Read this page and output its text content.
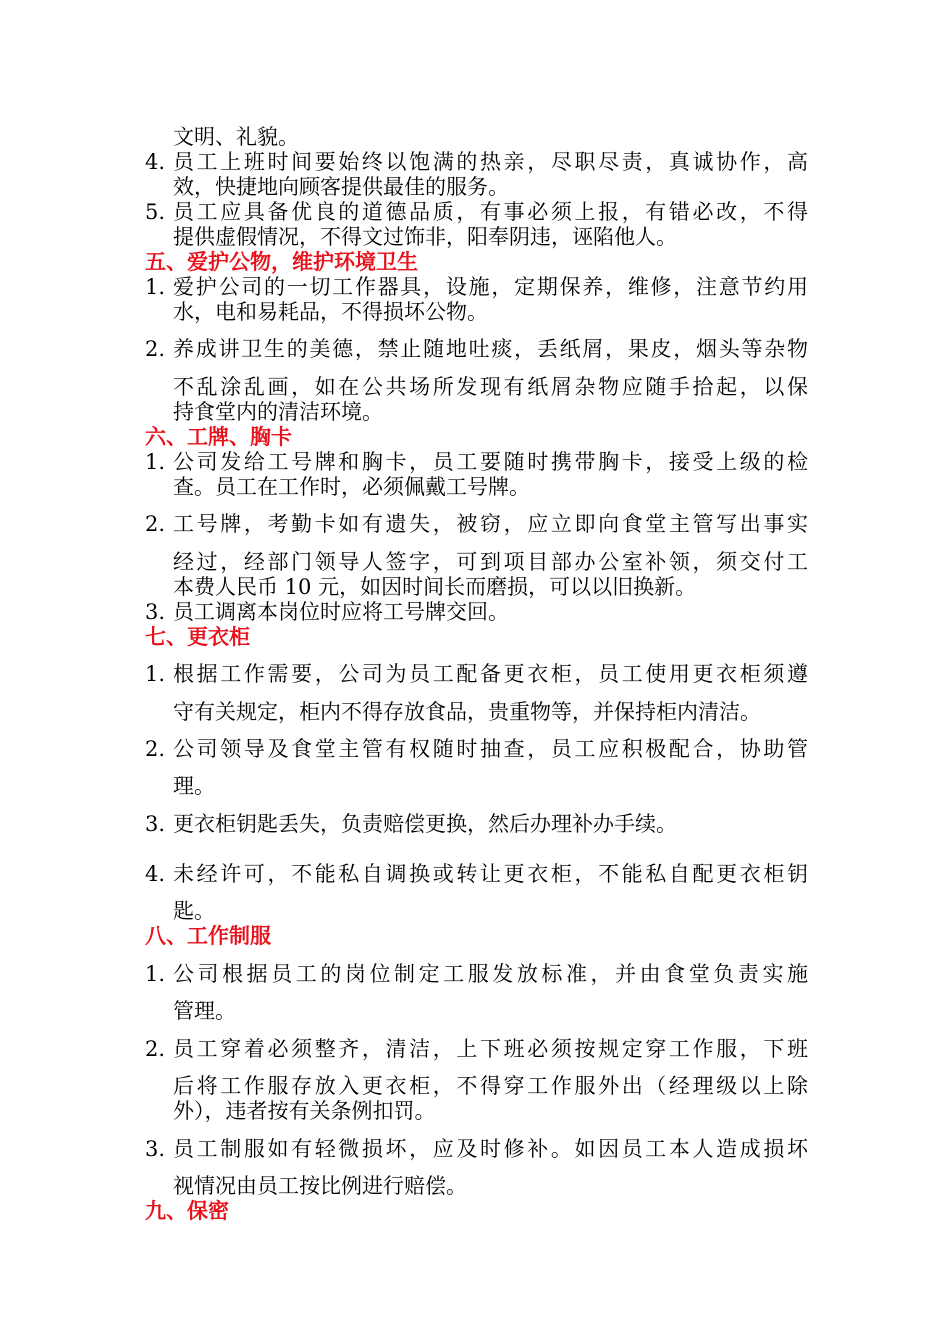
文明、礼貌。
4. 员工上班时间要始终以饱满的热亲，尽职尽责，真诚协作，高
效，快捷地向顾客提供最佳的服务。
5. 员工应具备优良的道德品质，有事必须上报，有错必改，不得
提供虚假情况，不得文过饰非，阳奉阴违，诬陷他人。
五、爱护公物，维护环境卫生
1. 爱护公司的一切工作器具，设施，定期保养，维修，注意节约用
水，电和易耗品，不得损坏公物。
2. 养成讲卫生的美德，禁止随地吐痰，丢纸屑，果皮，烟头等杂物
不乱涂乱画，如在公共场所发现有纸屑杂物应随手拾起，以保
持食堂内的清洁环境。
六、工牌、胸卡
1. 公司发给工号牌和胸卡，员工要随时携带胸卡，接受上级的检
查。员工在工作时，必须佩戴工号牌。
2. 工号牌，考勤卡如有遗失，被窃，应立即向食堂主管写出事实
经过，经部门领导人签字，可到项目部办公室补领，须交付工
本费人民币 10 元，如因时间长而磨损，可以以旧换新。
3. 员工调离本岗位时应将工号牌交回。
七、更衣柜
1. 根据工作需要，公司为员工配备更衣柜，员工使用更衣柜须遵
守有关规定，柜内不得存放食品，贵重物等，并保持柜内清洁。
2. 公司领导及食堂主管有权随时抽查，员工应积极配合，协助管
理。
3. 更衣柜钥匙丢失，负责赔偿更换，然后办理补办手续。
4. 未经许可，不能私自调换或转让更衣柜，不能私自配更衣柜钥
匙。
八、工作制服
1. 公司根据员工的岗位制定工服发放标准，并由食堂负责实施
管理。
2. 员工穿着必须整齐，清洁，上下班必须按规定穿工作服，下班
后将工作服存放入更衣柜，不得穿工作服外出（经理级以上除
外），违者按有关条例扣罚。
3. 员工制服如有轻微损坏，应及时修补。如因员工本人造成损坏
视情况由员工按比例进行赔偿。
九、保密
